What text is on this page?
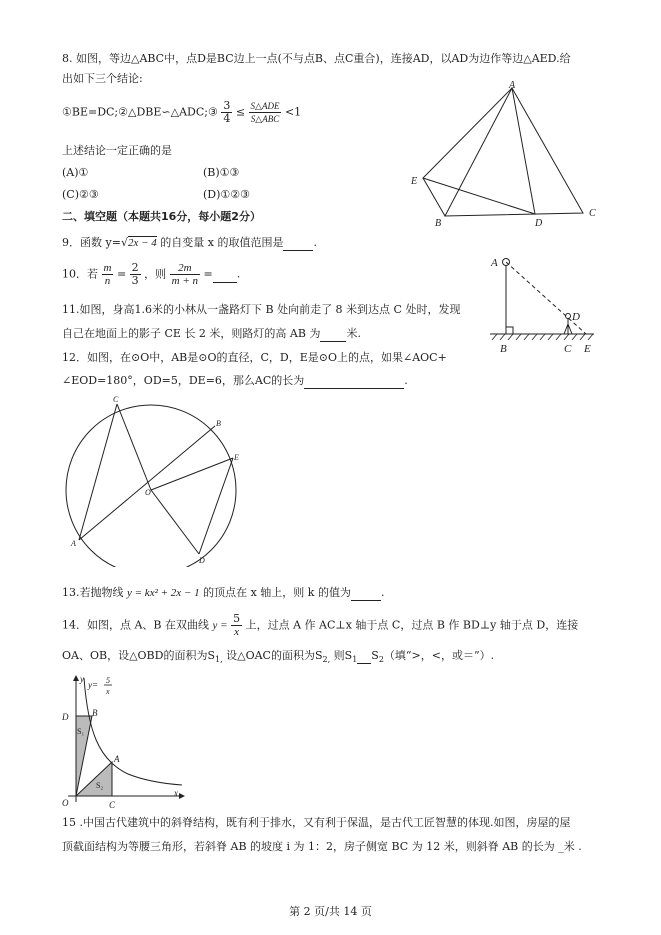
8. 如图，等边△ABC中，点D是BC边上一点(不与点B、点C重合)，连接AD，以AD为边作等边△AED.给
出如下三个结论:
①BE=DC;②△DBE∽△ADC;③ $\frac{3}{4} \le \frac{\text{S△ADE}}{\text{S△ABC}} <1$
上述结论一定正确的是
(A)①	(B)①③
(C)②③	(D)①②③
A
E
B	D
C
二、填空题（本题共16分，每小题2分）
9．函数 y=√2x − 4 的自变量 x 的取值范围是	.
10．若 $\frac{m}{n} = \frac{2}{3}$ ，则 $\frac{2m}{m + n}$ = .
11.如图，身高1.6米的小林从一盏路灯下 B 处向前走了 8 米到达点 C 处时，发现
自己在地面上的影子 CE 长 2 米，则路灯的高 AB 为 米.
A
D
B	C E
12．如图，在⊙O中，AB是⊙O的直径，C，D，E是⊙O上的点，如果∠AOC+
∠EOD=180°，OD=5，DE=6，那么AC的长为	.
C
B
E
O
A
D
13.若抛物线 y = kx² + 2x − 1 的顶点在 x 轴上，则 k 的值为	.
14．如图，点 A、B 在双曲线 $y = \frac{5}{x}$ 上，过点 A 作 AC⊥x 轴于点 C，过点 B 作 BD⊥y 轴于点 D，连接
OA、OB，设△OBD的面积为$S_{1,}$ 设△OAC的面积为$S_{2,}$ 则$S_1$ $S_2$（填“>，<，或＝”）.
y
y= 5
x
D	B
S₁
A
S₂
O	C
x
15 .中国古代建筑中的斜脊结构，既有利于排水，又有利于保温，是古代工匠智慧的体现.如图，房屋的屋
顶截面结构为等腰三角形，若斜脊 AB 的坡度 i 为 1：2，房子侧宽 BC 为 12 米，则斜脊 AB 的长为 _米 .
第 2 页/共 14 页
